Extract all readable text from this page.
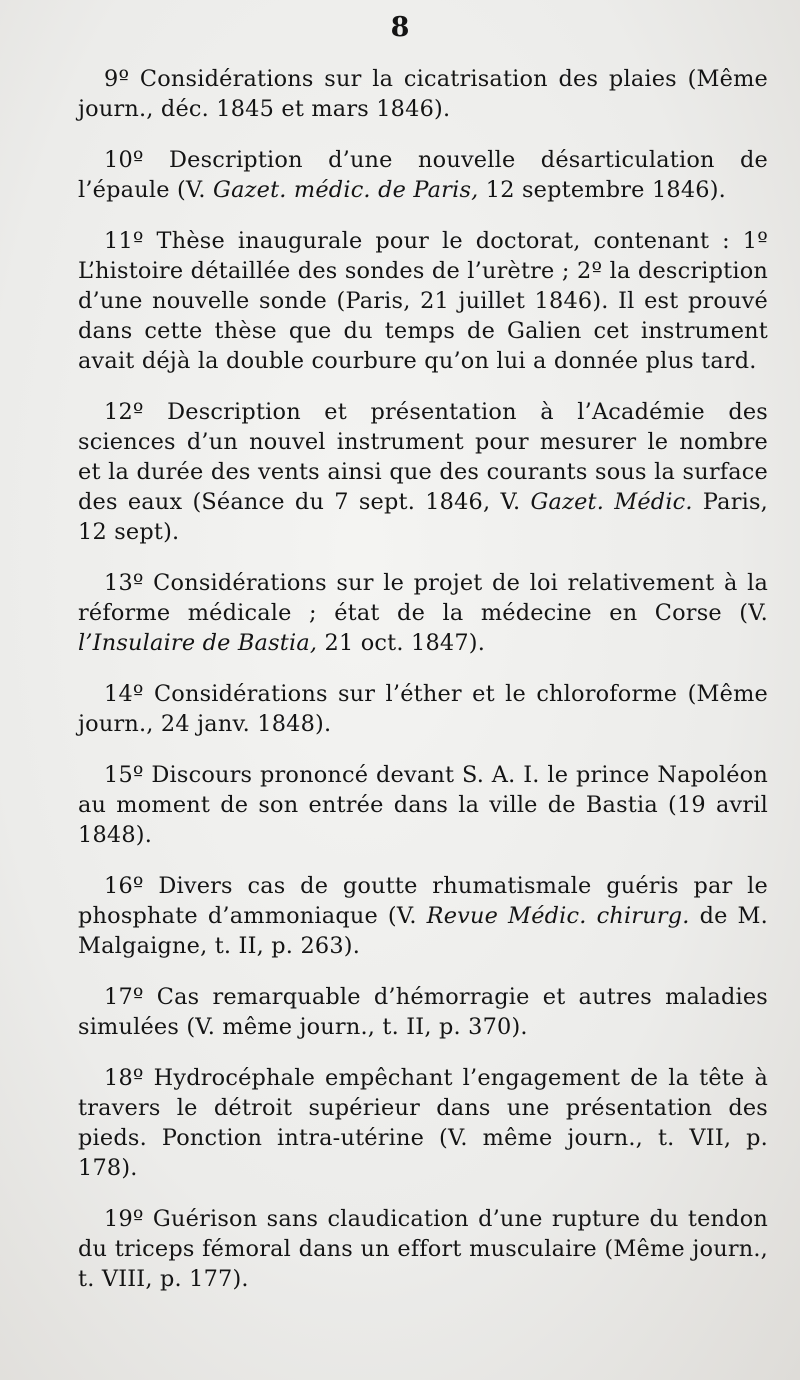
8

9º Considérations sur la cicatrisation des plaies (Même journ., déc. 1845 et mars 1846).

10º Description d’une nouvelle désarticulation de l’épaule (V. Gazet. médic. de Paris, 12 septembre 1846).

11º Thèse inaugurale pour le doctorat, contenant : 1º L’histoire détaillée des sondes de l’urètre ; 2º la description d’une nouvelle sonde (Paris, 21 juillet 1846). Il est prouvé dans cette thèse que du temps de Galien cet instrument avait déjà la double courbure qu’on lui a donnée plus tard.

12º Description et présentation à l’Académie des sciences d’un nouvel instrument pour mesurer le nombre et la durée des vents ainsi que des courants sous la surface des eaux (Séance du 7 sept. 1846, V. Gazet. Médic. Paris, 12 sept).

13º Considérations sur le projet de loi relativement à la réforme médicale ; état de la médecine en Corse (V. l’Insulaire de Bastia, 21 oct. 1847).

14º Considérations sur l’éther et le chloroforme (Même journ., 24 janv. 1848).

15º Discours prononcé devant S. A. I. le prince Napoléon au moment de son entrée dans la ville de Bastia (19 avril 1848).

16º Divers cas de goutte rhumatismale guéris par le phosphate d’ammoniaque (V. Revue Médic. chirurg. de M. Malgaigne, t. II, p. 263).

17º Cas remarquable d’hémorragie et autres maladies simulées (V. même journ., t. II, p. 370).

18º Hydrocéphale empêchant l’engagement de la tête à travers le détroit supérieur dans une présentation des pieds. Ponction intra-utérine (V. même journ., t. VII, p. 178).

19º Guérison sans claudication d’une rupture du tendon du triceps fémoral dans un effort musculaire (Même journ., t. VIII, p. 177).
